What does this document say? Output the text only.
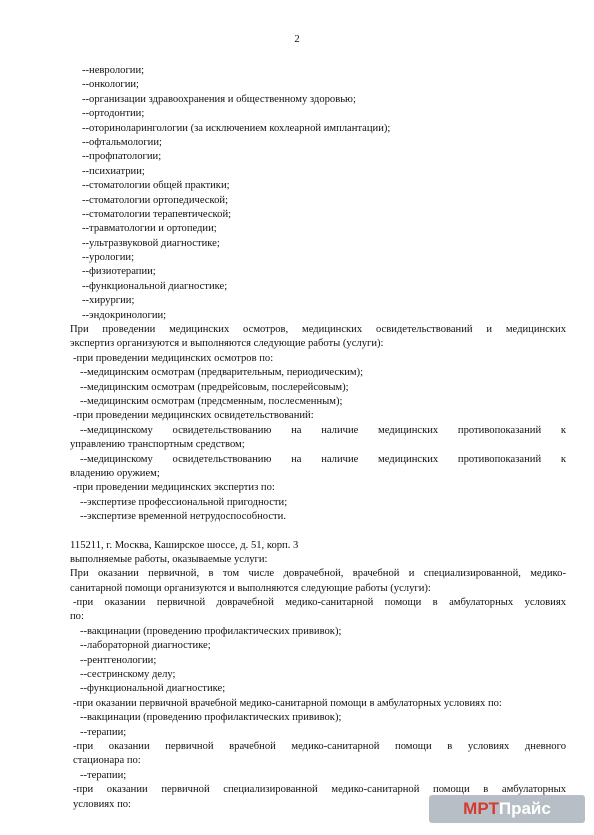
2
--неврологии;
--онкологии;
--организации здравоохранения и общественному здоровью;
--ортодонтии;
--оториноларингологии (за исключением кохлеарной имплантации);
--офтальмологии;
--профпатологии;
--психиатрии;
--стоматологии общей практики;
--стоматологии ортопедической;
--стоматологии терапевтической;
--травматологии и ортопедии;
--ультразвуковой диагностике;
--урологии;
--физиотерапии;
--функциональной диагностике;
--хирургии;
--эндокринологии;
При проведении медицинских осмотров, медицинских освидетельствований и медицинских
экспертиз организуются и выполняются следующие работы (услуги):
-при проведении медицинских осмотров по:
--медицинским осмотрам (предварительным, периодическим);
--медицинским осмотрам (предрейсовым, послерейсовым);
--медицинским осмотрам (предсменным, послесменным);
-при проведении медицинских освидетельствований:
--медицинскому освидетельствованию на наличие медицинских противопоказаний к
управлению транспортным средством;
--медицинскому освидетельствованию на наличие медицинских противопоказаний к
владению оружием;
-при проведении медицинских экспертиз по:
--экспертизе профессиональной пригодности;
--экспертизе временной нетрудоспособности.
115211, г. Москва, Каширское шоссе, д. 51, корп. 3
выполняемые работы, оказываемые услуги:
При оказании первичной, в том числе доврачебной, врачебной и специализированной, медико-
санитарной помощи организуются и выполняются следующие работы (услуги):
-при оказании первичной доврачебной медико-санитарной помощи в амбулаторных условиях
по:
--вакцинации (проведению профилактических прививок);
--лабораторной диагностике;
--рентгенологии;
--сестринскому делу;
--функциональной диагностике;
-при оказании первичной врачебной медико-санитарной помощи в амбулаторных условиях по:
--вакцинации (проведению профилактических прививок);
--терапии;
-при оказании первичной врачебной медико-санитарной помощи в условиях дневного
стационара по:
--терапии;
-при оказании первичной специализированной медико-санитарной помощи в амбулаторных
условиях по:	МРТ Прайс
